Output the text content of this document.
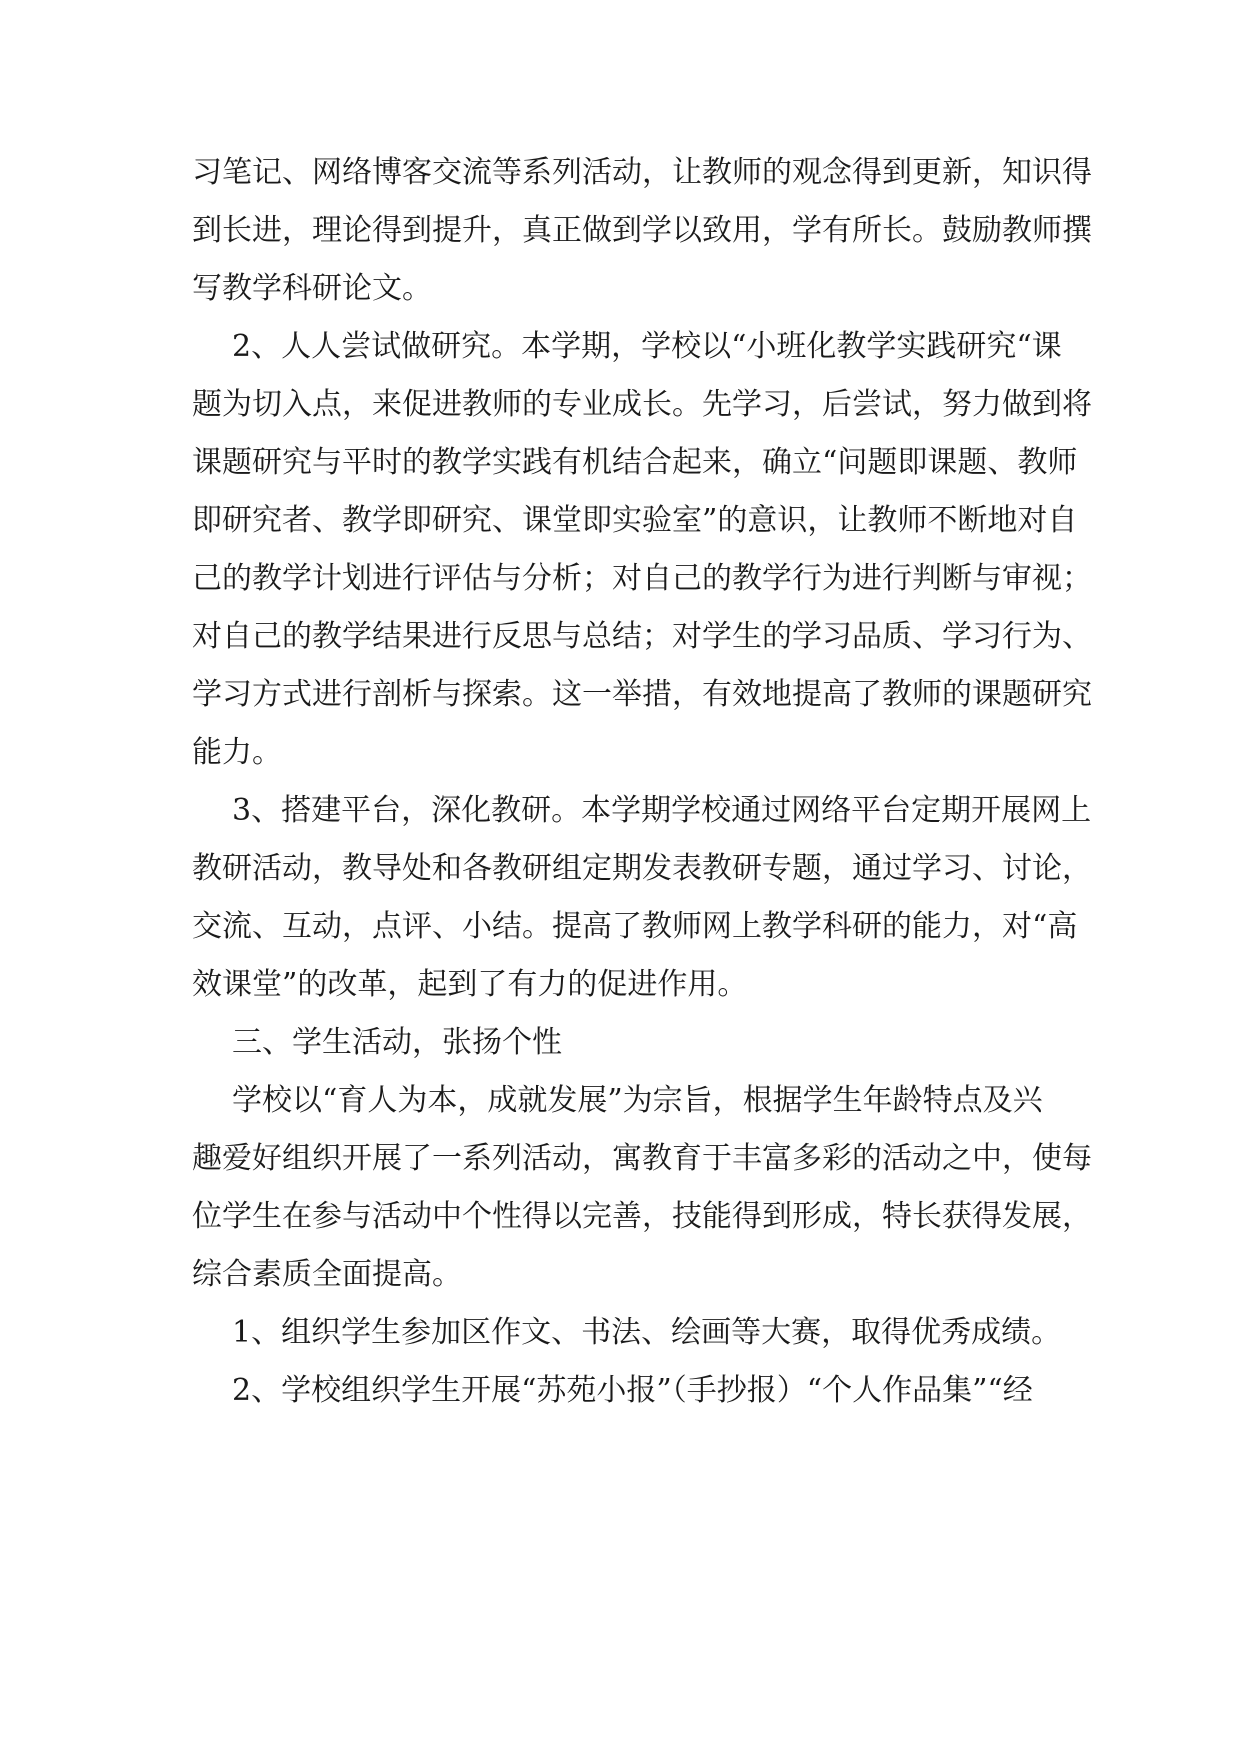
习笔记、网络博客交流等系列活动，让教师的观念得到更新，知识得

到长进，理论得到提升，真正做到学以致用，学有所长。鼓励教师撰

写教学科研论文。

2、人人尝试做研究。本学期，学校以“小班化教学实践研究“课

题为切入点，来促进教师的专业成长。先学习，后尝试，努力做到将

课题研究与平时的教学实践有机结合起来，确立“问题即课题、教师

即研究者、教学即研究、课堂即实验室”的意识，让教师不断地对自

己的教学计划进行评估与分析；对自己的教学行为进行判断与审视；

对自己的教学结果进行反思与总结；对学生的学习品质、学习行为、

学习方式进行剖析与探索。这一举措，有效地提高了教师的课题研究

能力。

3、搭建平台，深化教研。本学期学校通过网络平台定期开展网上

教研活动，教导处和各教研组定期发表教研专题，通过学习、讨论，

交流、互动，点评、小结。提高了教师网上教学科研的能力，对“高

效课堂”的改革，起到了有力的促进作用。

三、学生活动，张扬个性

学校以“育人为本，成就发展”为宗旨，根据学生年龄特点及兴

趣爱好组织开展了一系列活动，寓教育于丰富多彩的活动之中，使每

位学生在参与活动中个性得以完善，技能得到形成，特长获得发展，

综合素质全面提高。

1、组织学生参加区作文、书法、绘画等大赛，取得优秀成绩。

2、学校组织学生开展“苏苑小报”（手抄报）“个人作品集”“经
